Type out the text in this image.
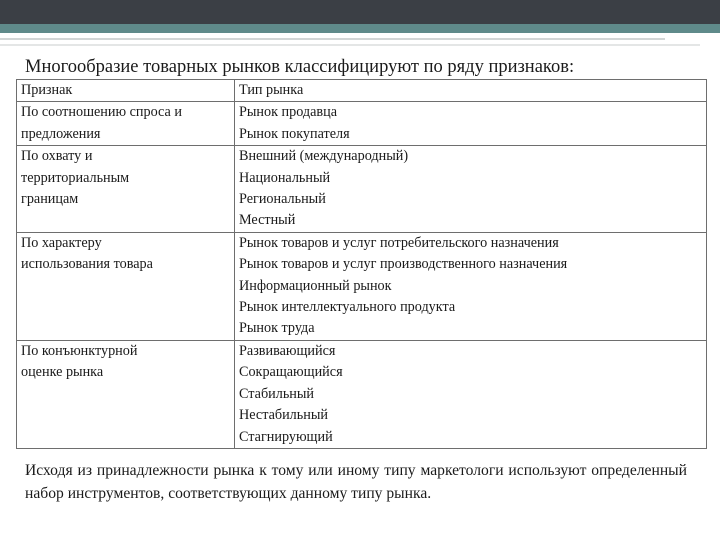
Многообразие товарных рынков классифицируют по ряду признаков:
Признак	Тип рынка

По соотношению спроса и
предложения	Рынок продавца
Рынок покупателя

По охвату и
территориальным
границам	Внешний (международный)
Национальный
Региональный
Местный

По характеру
использования товара	Рынок товаров и услуг потребительского назначения
Рынок товаров и услуг производственного назначения
Информационный рынок
Рынок интеллектуального продукта
Рынок труда

По конъюнктурной
оценке рынка	Развивающийся
Сокращающийся
Стабильный
Нестабильный
Стагнирующий

Исходя из принадлежности рынка к тому или иному типу маркетологи используют определенный набор инструментов, соответствующих данному типу рынка.
